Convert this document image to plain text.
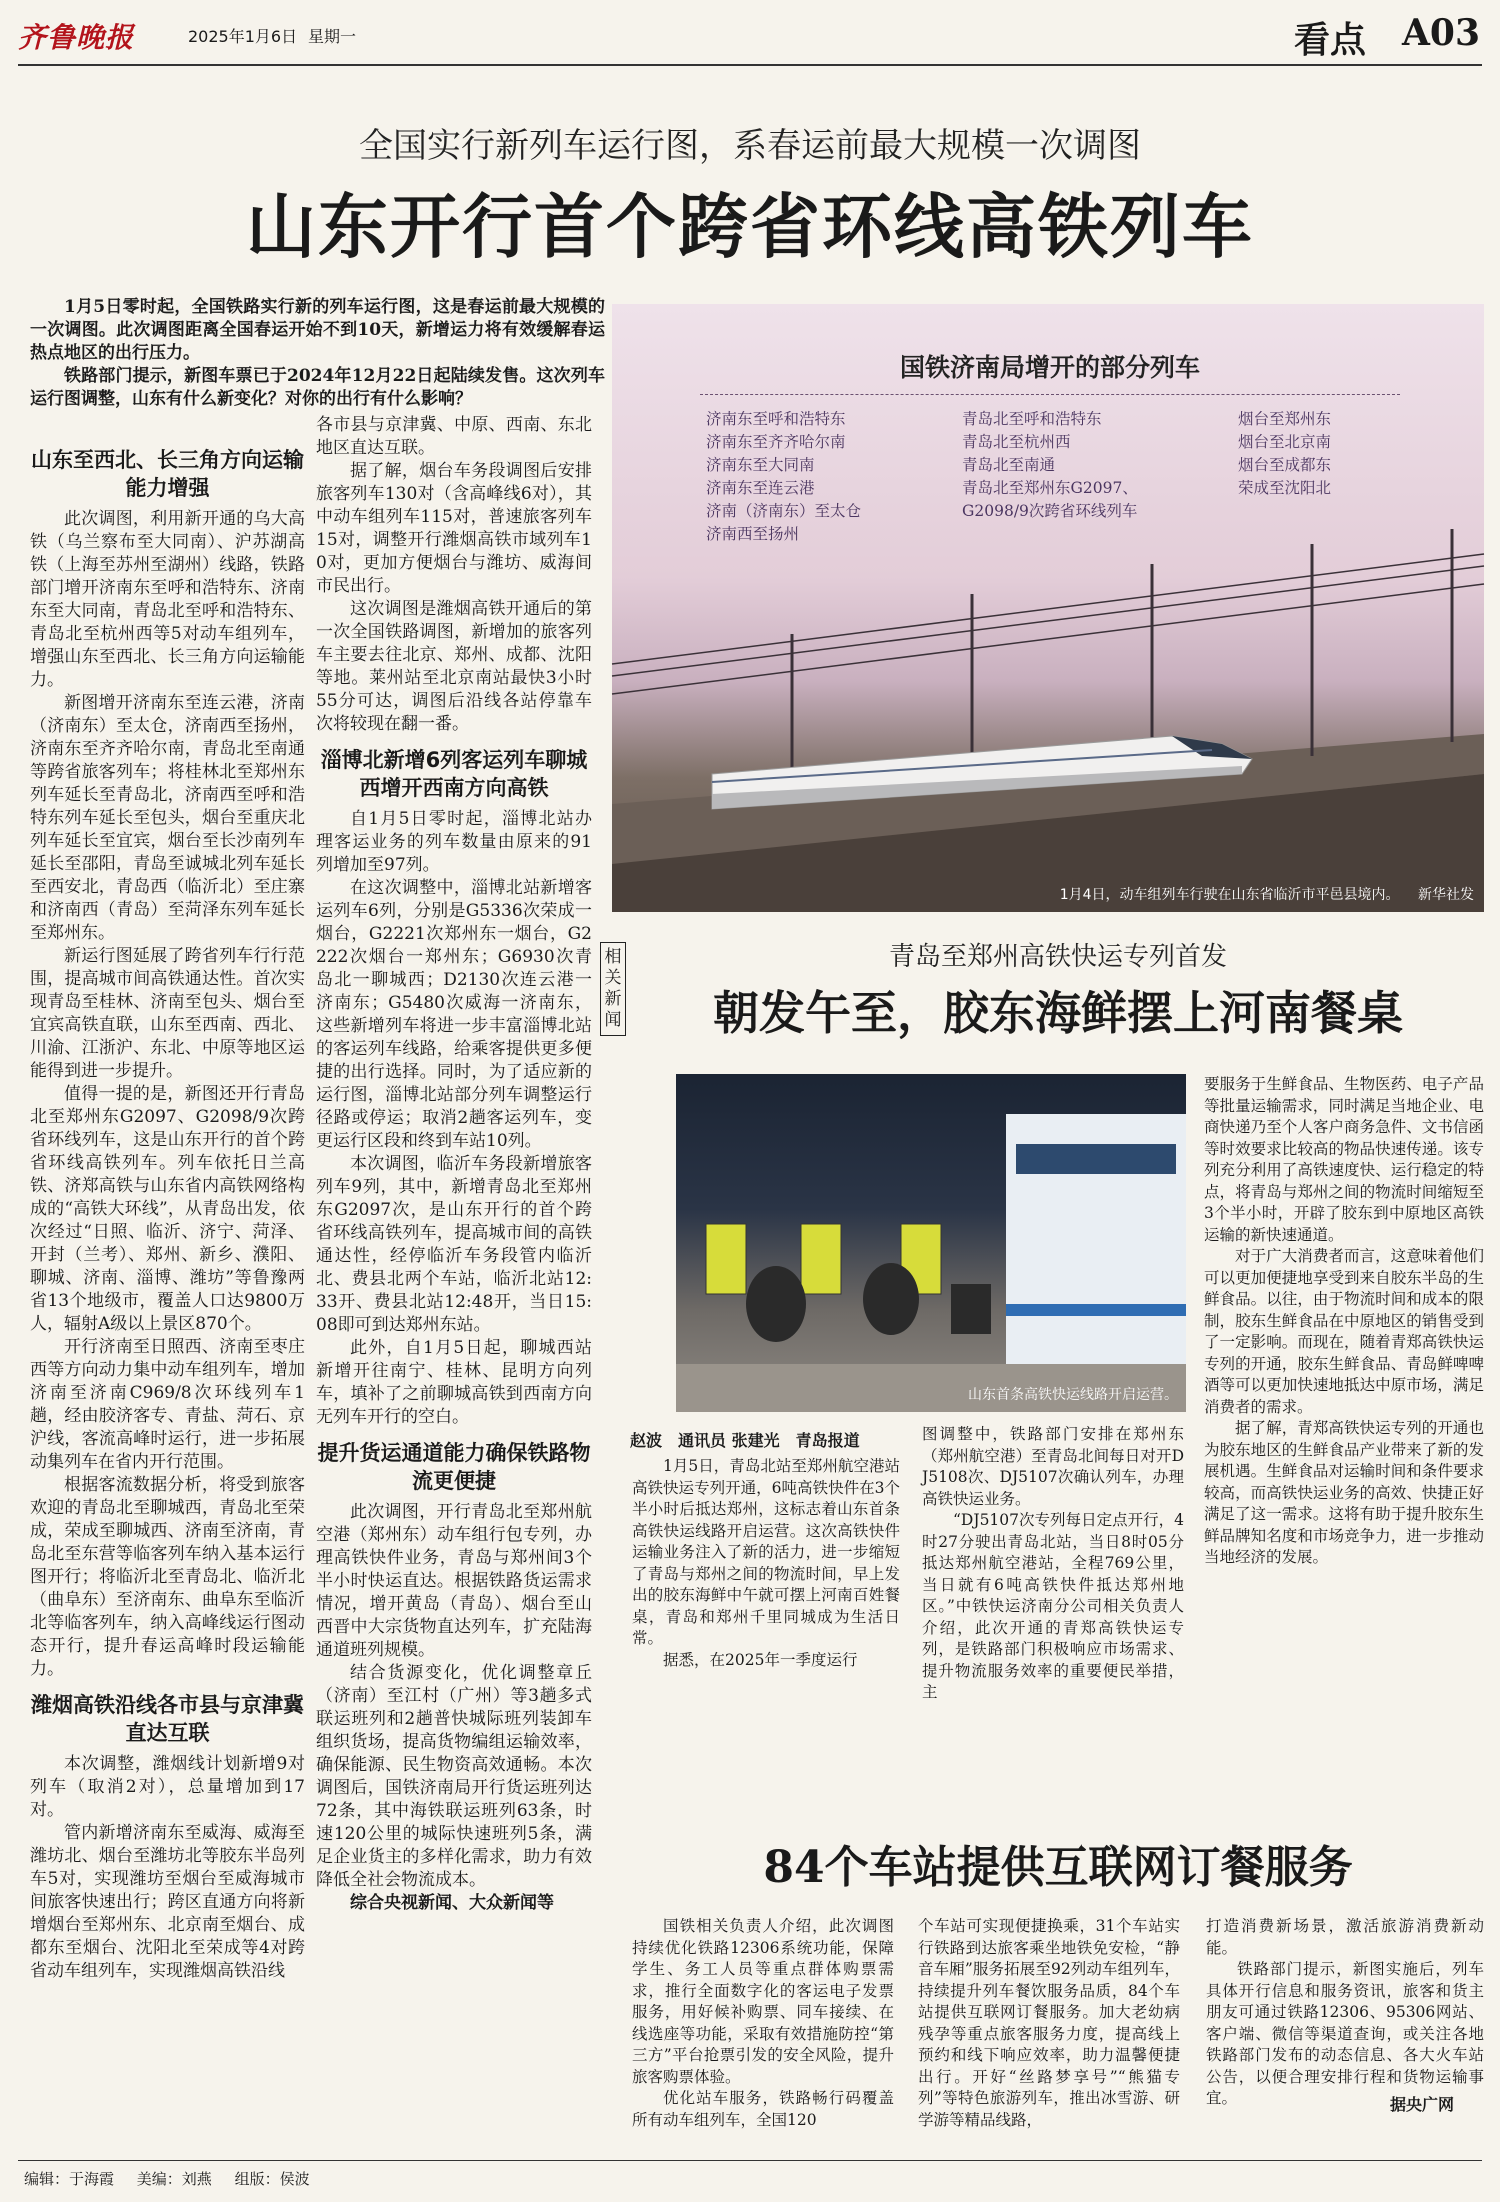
齐鲁晚报	2025年1月6日 星期一	看点 A03
全国实行新列车运行图，系春运前最大规模一次调图
山东开行首个跨省环线高铁列车

1月5日零时起，全国铁路实行新的列车运行图，这是春运前最大规模的一次调图。此次调图距离全国春运开始不到10天，新增运力将有效缓解春运热点地区的出行压力。

铁路部门提示，新图车票已于2024年12月22日起陆续发售。这次列车运行图调整，山东有什么新变化？对你的出行有什么影响？

山东至西北、长三角方向运输能力增强

此次调图，利用新开通的乌大高铁（乌兰察布至大同南）、沪苏湖高铁（上海至苏州至湖州）线路，铁路部门增开济南东至呼和浩特东、济南东至大同南，青岛北至呼和浩特东、青岛北至杭州西等5对动车组列车，增强山东至西北、长三角方向运输能力。

新图增开济南东至连云港，济南（济南东）至太仓，济南西至扬州，济南东至齐齐哈尔南，青岛北至南通等跨省旅客列车；将桂林北至郑州东列车延长至青岛北，济南西至呼和浩特东列车延长至包头，烟台至重庆北列车延长至宜宾，烟台至长沙南列车延长至邵阳，青岛至诚城北列车延长至西安北，青岛西（临沂北）至庄寨和济南西（青岛）至菏泽东列车延长至郑州东。

新运行图延展了跨省列车行行范围，提高城市间高铁通达性。首次实现青岛至桂林、济南至包头、烟台至宜宾高铁直联，山东至西南、西北、川渝、江浙沪、东北、中原等地区运能得到进一步提升。

值得一提的是，新图还开行青岛北至郑州东G2097、G2098/9次跨省环线列车，这是山东开行的首个跨省环线高铁列车。列车依托日兰高铁、济郑高铁与山东省内高铁网络构成的“高铁大环线”，从青岛出发，依次经过“日照、临沂、济宁、菏泽、开封（兰考）、郑州、新乡、濮阳、聊城、济南、淄博、潍坊”等鲁豫两省13个地级市，覆盖人口达9800万人，辐射A级以上景区870个。

开行济南至日照西、济南至枣庄西等方向动力集中动车组列车，增加济南至济南C969/8次环线列车1趟，经由胶济客专、青盐、菏石、京沪线，客流高峰时运行，进一步拓展动集列车在省内开行范围。

根据客流数据分析，将受到旅客欢迎的青岛北至聊城西，青岛北至荣成，荣成至聊城西、济南至济南，青岛北至东营等临客列车纳入基本运行图开行；将临沂北至青岛北、临沂北（曲阜东）至济南东、曲阜东至临沂北等临客列车，纳入高峰线运行图动态开行，提升春运高峰时段运输能力。

潍烟高铁沿线各市县与京津冀直达互联

本次调整，潍烟线计划新增9对列车（取消2对），总量增加到17对。

管内新增济南东至威海、威海至潍坊北、烟台至潍坊北等胶东半岛列车5对，实现潍坊至烟台至威海城市间旅客快速出行；跨区直通方向将新增烟台至郑州东、北京南至烟台、成都东至烟台、沈阳北至荣成等4对跨省动车组列车，实现潍烟高铁沿线

各市县与京津冀、中原、西南、东北地区直达互联。

据了解，烟台车务段调图后安排旅客列车130对（含高峰线6对），其中动车组列车115对，普速旅客列车15对，调整开行潍烟高铁市域列车10对，更加方便烟台与潍坊、威海间市民出行。

这次调图是潍烟高铁开通后的第一次全国铁路调图，新增加的旅客列车主要去往北京、郑州、成都、沈阳等地。莱州站至北京南站最快3小时55分可达，调图后沿线各站停靠车次将较现在翻一番。

淄博北新增6列客运列车聊城西增开西南方向高铁

自1月5日零时起，淄博北站办理客运业务的列车数量由原来的91列增加至97列。

在这次调整中，淄博北站新增客运列车6列，分别是G5336次荣成一烟台，G2221次郑州东一烟台，G2222次烟台一郑州东；G6930次青岛北一聊城西；D2130次连云港一济南东；G5480次威海一济南东，这些新增列车将进一步丰富淄博北站的客运列车线路，给乘客提供更多便捷的出行选择。同时，为了适应新的运行图，淄博北站部分列车调整运行径路或停运；取消2趟客运列车，变更运行区段和终到车站10列。

本次调图，临沂车务段新增旅客列车9列，其中，新增青岛北至郑州东G2097次，是山东开行的首个跨省环线高铁列车，提高城市间的高铁通达性，经停临沂车务段管内临沂北、费县北两个车站，临沂北站12:33开、费县北站12:48开，当日15:08即可到达郑州东站。

此外，自1月5日起，聊城西站新增开往南宁、桂林、昆明方向列车，填补了之前聊城高铁到西南方向无列车开行的空白。

提升货运通道能力确保铁路物流更便捷

此次调图，开行青岛北至郑州航空港（郑州东）动车组行包专列，办理高铁快件业务，青岛与郑州间3个半小时快运直达。根据铁路货运需求情况，增开黄岛（青岛）、烟台至山西晋中大宗货物直达列车，扩充陆海通道班列规模。

结合货源变化，优化调整章丘（济南）至江村（广州）等3趟多式联运班列和2趟普快城际班列装卸车组织货场，提高货物编组运输效率，确保能源、民生物资高效通畅。本次调图后，国铁济南局开行货运班列达72条，其中海铁联运班列63条，时速120公里的城际快速班列5条，满足企业货主的多样化需求，助力有效降低全社会物流成本。

综合央视新闻、大众新闻等

国铁济南局增开的部分列车
济南东至呼和浩特东
济南东至齐齐哈尔南
济南东至大同南
济南东至连云港
济南（济南东）至太仓
济南西至扬州
青岛北至呼和浩特东
青岛北至杭州西
青岛北至南通
青岛北至郑州东G2097、
G2098/9次跨省环线列车
烟台至郑州东
烟台至北京南
烟台至成都东
荣成至沈阳北
1月4日，动车组列车行驶在山东省临沂市平邑县境内。 新华社发
相关新闻
青岛至郑州高铁快运专列首发
朝发午至，胶东海鲜摆上河南餐桌
山东首条高铁快运线路开启运营。
赵波　通讯员 张建光　青岛报道

1月5日，青岛北站至郑州航空港站高铁快运专列开通，6吨高铁快件在3个半小时后抵达郑州，这标志着山东首条高铁快运线路开启运营。这次高铁快件运输业务注入了新的活力，进一步缩短了青岛与郑州之间的物流时间，早上发出的胶东海鲜中午就可摆上河南百姓餐桌，青岛和郑州千里同城成为生活日常。

据悉，在2025年一季度运行

图调整中，铁路部门安排在郑州东（郑州航空港）至青岛北间每日对开DJ5108次、DJ5107次确认列车，办理高铁快运业务。

“DJ5107次专列每日定点开行，4时27分驶出青岛北站，当日8时05分抵达郑州航空港站，全程769公里，当日就有6吨高铁快件抵达郑州地区。”中铁快运济南分公司相关负责人介绍，此次开通的青郑高铁快运专列，是铁路部门积极响应市场需求、提升物流服务效率的重要便民举措，主

要服务于生鲜食品、生物医药、电子产品等批量运输需求，同时满足当地企业、电商快递乃至个人客户商务急件、文书信函等时效要求比较高的物品快速传递。该专列充分利用了高铁速度快、运行稳定的特点，将青岛与郑州之间的物流时间缩短至3个半小时，开辟了胶东到中原地区高铁运输的新快速通道。

对于广大消费者而言，这意味着他们可以更加便捷地享受到来自胶东半岛的生鲜食品。以往，由于物流时间和成本的限制，胶东生鲜食品在中原地区的销售受到了一定影响。而现在，随着青郑高铁快运专列的开通，胶东生鲜食品、青岛鲜啤啤酒等可以更加快速地抵达中原市场，满足消费者的需求。

据了解，青郑高铁快运专列的开通也为胶东地区的生鲜食品产业带来了新的发展机遇。生鲜食品对运输时间和条件要求较高，而高铁快运业务的高效、快捷正好满足了这一需求。这将有助于提升胶东生鲜品牌知名度和市场竞争力，进一步推动当地经济的发展。

84个车站提供互联网订餐服务

国铁相关负责人介绍，此次调图持续优化铁路12306系统功能，保障学生、务工人员等重点群体购票需求，推行全面数字化的客运电子发票服务，用好候补购票、同车接续、在线选座等功能，采取有效措施防控“第三方”平台抢票引发的安全风险，提升旅客购票体验。

优化站车服务，铁路畅行码覆盖所有动车组列车，全国120

个车站可实现便捷换乘，31个车站实行铁路到达旅客乘坐地铁免安检，“静音车厢”服务拓展至92列动车组列车，持续提升列车餐饮服务品质，84个车站提供互联网订餐服务。加大老幼病残孕等重点旅客服务力度，提高线上预约和线下响应效率，助力温馨便捷出行。开好“丝路梦享号”“熊猫专列”等特色旅游列车，推出冰雪游、研学游等精品线路，

打造消费新场景，激活旅游消费新动能。

铁路部门提示，新图实施后，列车具体开行信息和服务资讯，旅客和货主朋友可通过铁路12306、95306网站、客户端、微信等渠道查询，或关注各地铁路部门发布的动态信息、各大火车站公告，以便合理安排行程和货物运输事宜。	据央广网
编辑：于海霞 美编：刘燕 组版：侯波
